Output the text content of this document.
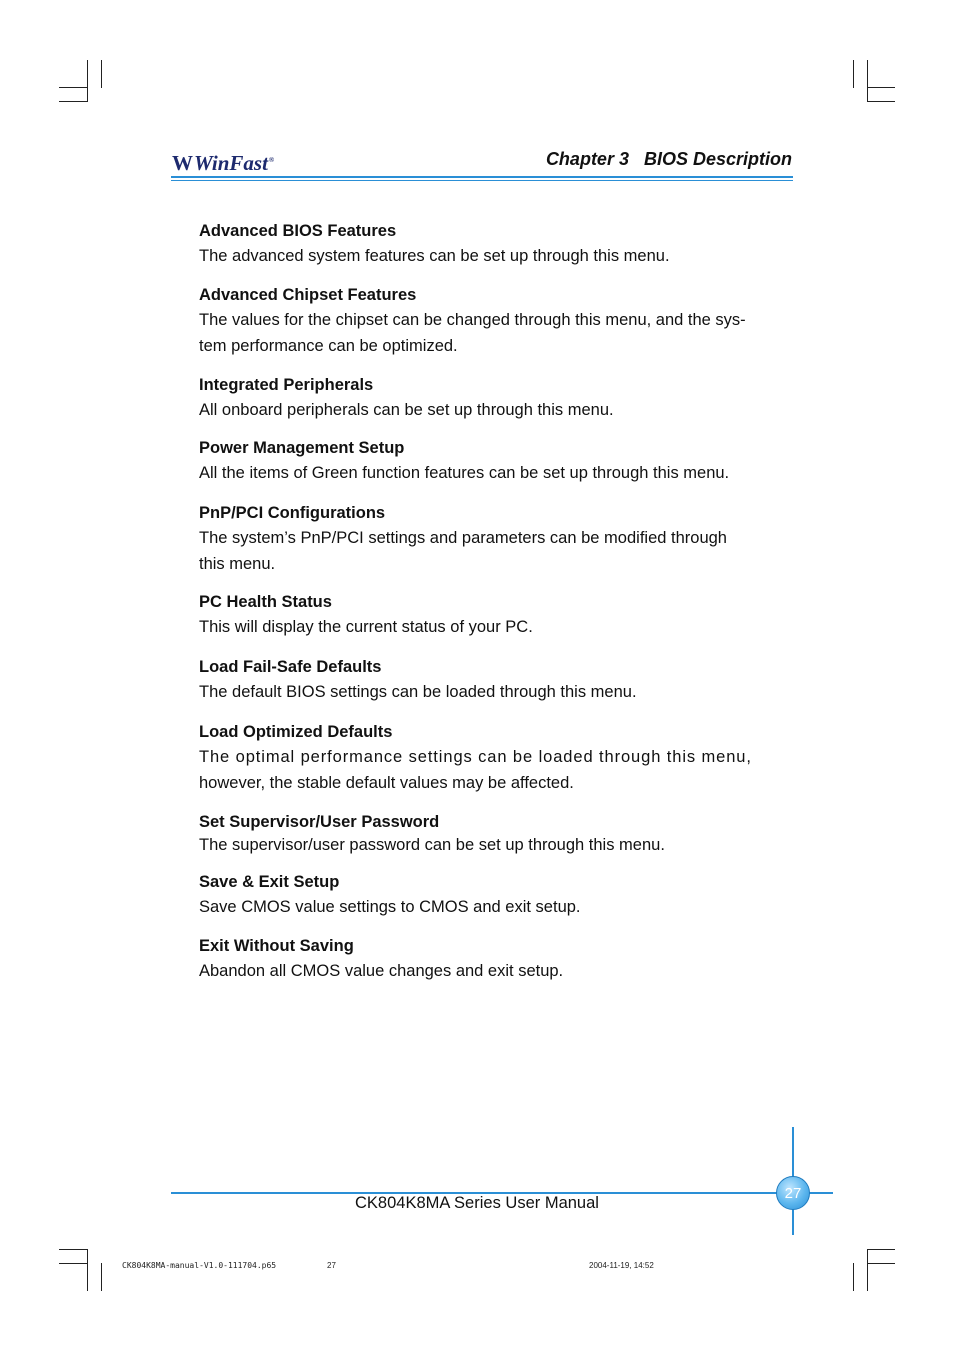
W WinFast ®	Chapter 3   BIOS Description
Advanced BIOS Features

The advanced system features can be set up through this menu.

Advanced Chipset Features

The values for the chipset can be changed through this menu, and the sys-

tem performance can be optimized.

Integrated Peripherals

All onboard peripherals can be set up through this menu.

Power Management Setup

All the items of Green function features can be set up through this menu.

PnP/PCI Configurations

The system’s PnP/PCI settings and parameters can be modified through

this menu.

PC Health Status

This will display the current status of your PC.

Load Fail-Safe Defaults

The default BIOS settings can be loaded through this menu.

Load Optimized Defaults

The optimal performance settings can be loaded through this menu,

however, the stable default values may be affected.

Set Supervisor/User Password

The supervisor/user password can be set up through this menu.

Save & Exit Setup

Save CMOS value settings to CMOS and exit setup.

Exit Without Saving

Abandon all CMOS value changes and exit setup.

27
CK804K8MA Series User Manual
CK804K8MA-manual-V1.0-111704.p65	27	2004-11-19, 14:52
